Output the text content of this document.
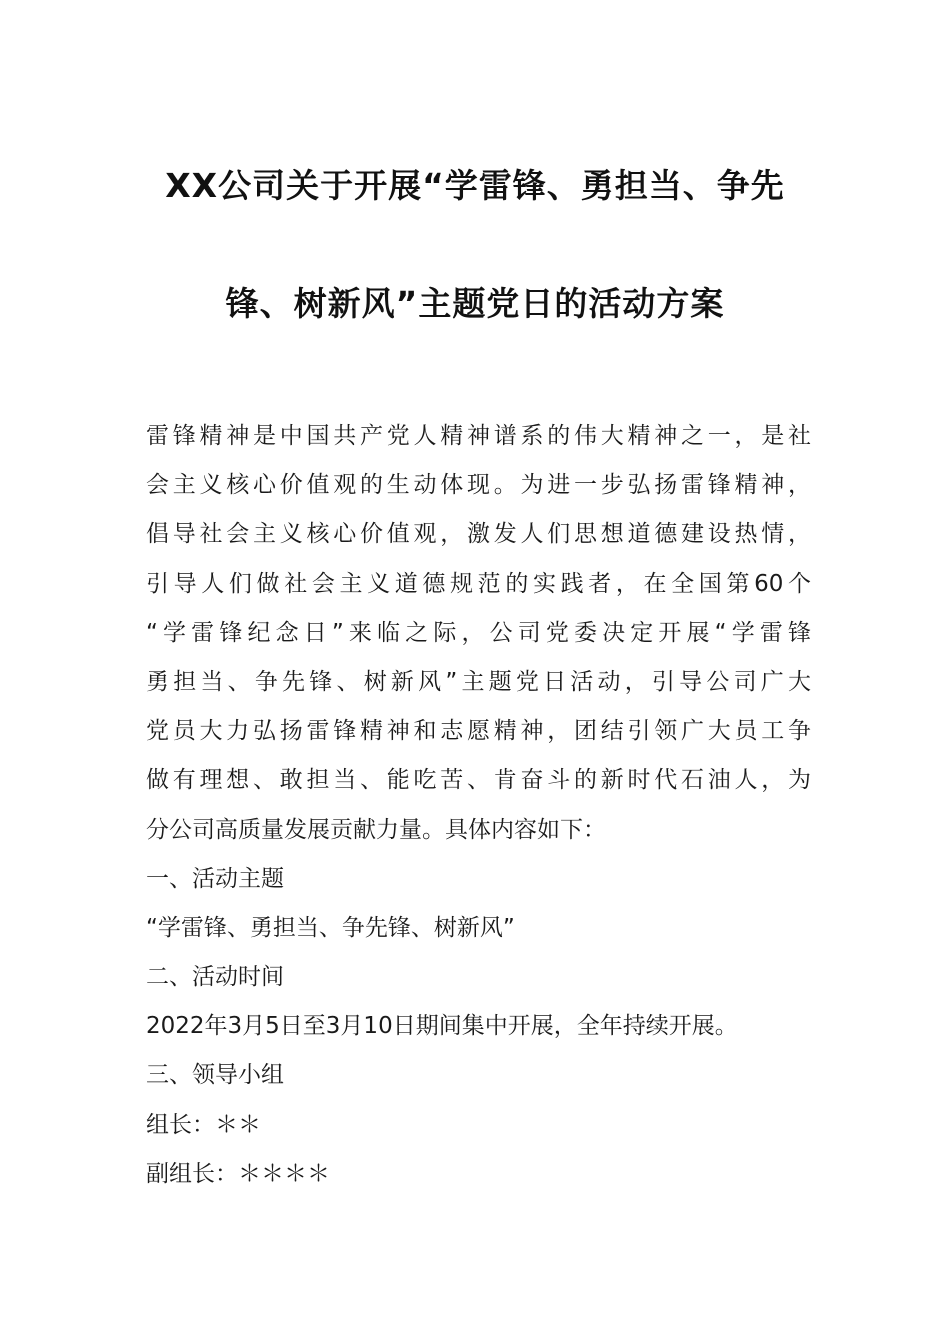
XX公司关于开展“学雷锋、勇担当、争先
锋、树新风”主题党日的活动方案
雷锋精神是中国共产党人精神谱系的伟大精神之一，是社
会主义核心价值观的生动体现。为进一步弘扬雷锋精神，
倡导社会主义核心价值观，激发人们思想道德建设热情，
引导人们做社会主义道德规范的实践者，在全国第60个
“学雷锋纪念日”来临之际，公司党委决定开展“学雷锋
勇担当、争先锋、树新风”主题党日活动，引导公司广大
党员大力弘扬雷锋精神和志愿精神，团结引领广大员工争
做有理想、敢担当、能吃苦、肯奋斗的新时代石油人，为
分公司高质量发展贡献力量。具体内容如下：
一、活动主题
“学雷锋、勇担当、争先锋、树新风”
二、活动时间
2022年3月5日至3月10日期间集中开展，全年持续开展。
三、领导小组
组长：＊＊
副组长：＊＊＊＊
